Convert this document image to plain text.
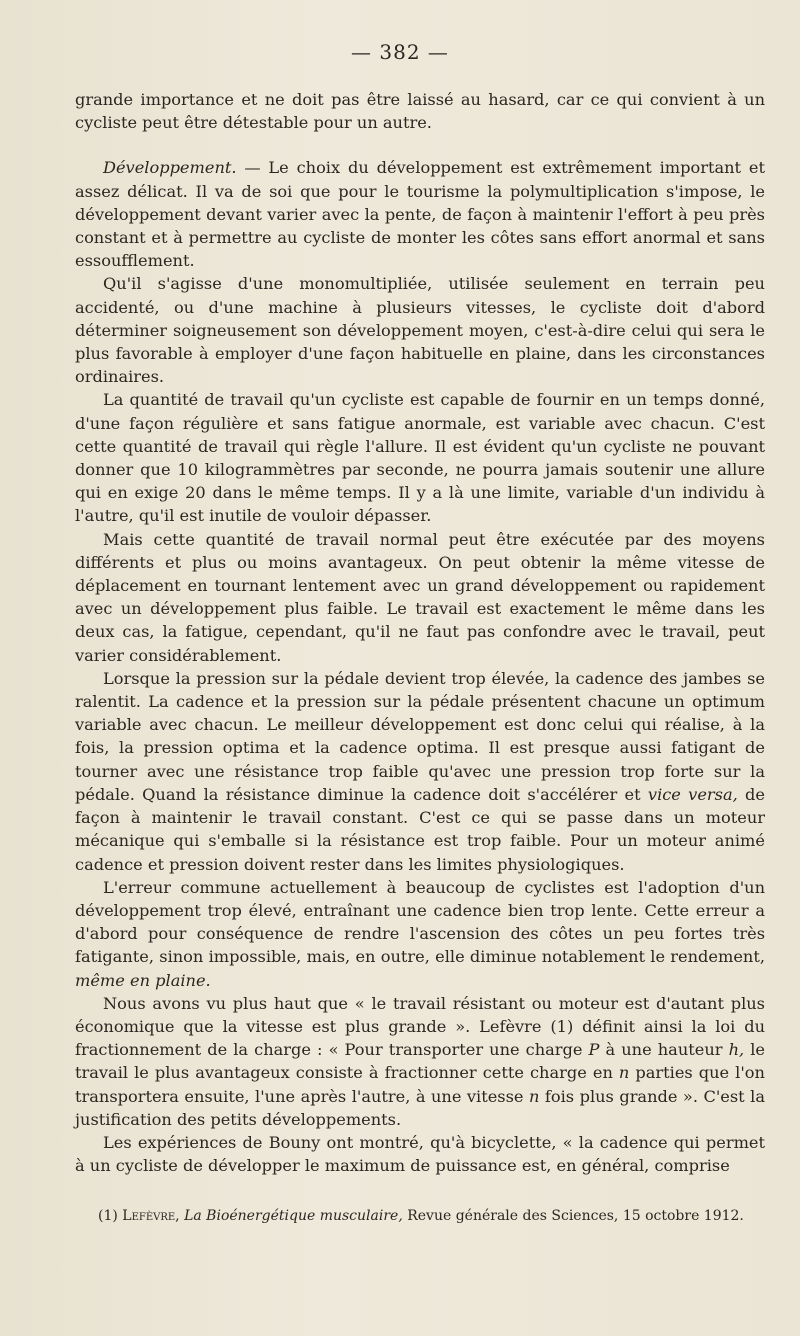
— 382 —

grande importance et ne doit pas être laissé au hasard, car ce qui convient à un cycliste peut être détestable pour un autre.

Développement. — Le choix du développement est extrêmement important et assez délicat. Il va de soi que pour le tourisme la polymultiplication s'impose, le développement devant varier avec la pente, de façon à maintenir l'effort à peu près constant et à permettre au cycliste de monter les côtes sans effort anormal et sans essoufflement.

Qu'il s'agisse d'une monomultipliée, utilisée seulement en terrain peu accidenté, ou d'une machine à plusieurs vitesses, le cycliste doit d'abord déterminer soigneusement son développement moyen, c'est-à-dire celui qui sera le plus favorable à employer d'une façon habituelle en plaine, dans les circonstances ordinaires.

La quantité de travail qu'un cycliste est capable de fournir en un temps donné, d'une façon régulière et sans fatigue anormale, est variable avec chacun. C'est cette quantité de travail qui règle l'allure. Il est évident qu'un cycliste ne pouvant donner que 10 kilogrammètres par seconde, ne pourra jamais soutenir une allure qui en exige 20 dans le même temps. Il y a là une limite, variable d'un individu à l'autre, qu'il est inutile de vouloir dépasser.

Mais cette quantité de travail normal peut être exécutée par des moyens différents et plus ou moins avantageux. On peut obtenir la même vitesse de déplacement en tournant lentement avec un grand développement ou rapidement avec un développement plus faible. Le travail est exactement le même dans les deux cas, la fatigue, cependant, qu'il ne faut pas confondre avec le travail, peut varier considérablement.

Lorsque la pression sur la pédale devient trop élevée, la cadence des jambes se ralentit. La cadence et la pression sur la pédale présentent chacune un optimum variable avec chacun. Le meilleur développement est donc celui qui réalise, à la fois, la pression optima et la cadence optima. Il est presque aussi fatigant de tourner avec une résistance trop faible qu'avec une pression trop forte sur la pédale. Quand la résistance diminue la cadence doit s'accélérer et vice versa, de façon à maintenir le travail constant. C'est ce qui se passe dans un moteur mécanique qui s'emballe si la résistance est trop faible. Pour un moteur animé cadence et pression doivent rester dans les limites physiologiques.

L'erreur commune actuellement à beaucoup de cyclistes est l'adoption d'un développement trop élevé, entraînant une cadence bien trop lente. Cette erreur a d'abord pour conséquence de rendre l'ascension des côtes un peu fortes très fatigante, sinon impossible, mais, en outre, elle diminue notablement le rendement, même en plaine.

Nous avons vu plus haut que « le travail résistant ou moteur est d'autant plus économique que la vitesse est plus grande ». Lefèvre (1) définit ainsi la loi du fractionnement de la charge : « Pour transporter une charge P à une hauteur h, le travail le plus avantageux consiste à fractionner cette charge en n parties que l'on transportera ensuite, l'une après l'autre, à une vitesse n fois plus grande ». C'est la justification des petits développements.

Les expériences de Bouny ont montré, qu'à bicyclette, « la cadence qui permet à un cycliste de développer le maximum de puissance est, en général, comprise

(1) Lefèvre, La Bioénergétique musculaire, Revue générale des Sciences, 15 octobre 1912.
